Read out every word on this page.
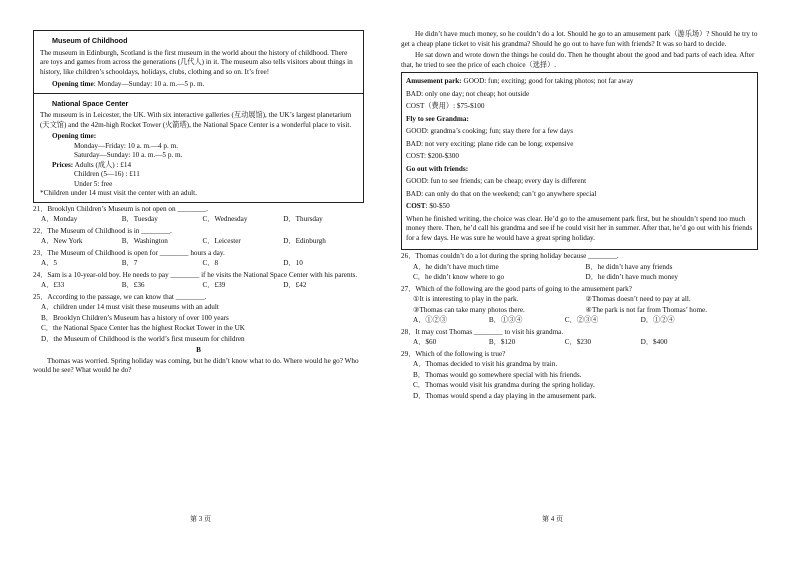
Museum of Childhood

The museum in Edinburgh, Scotland is the first museum in the world about the history of childhood. There are toys and games from across the generations (几代人) in it. The museum also tells visitors about things in history, like children’s schooldays, holidays, clubs, clothing and so on. It’s free!

Opening time: Monday—Sunday: 10 a. m.—5 p. m.

National Space Center

The museum is in Leicester, the UK. With six interactive galleries (互动展馆), the UK’s largest planetarium (天文馆) and the 42m-high Rocket Tower (火箭塔), the National Space Center is a wonderful place to visit.

Opening time:

Monday—Friday: 10 a. m.—4 p. m.

Saturday—Sunday: 10 a. m.—5 p. m.

Prices: Adults (成人) : £14

Children (5—16) : £11

Under 5: free

*Children under 14 must visit the center with an adult.

21．Brooklyn Children’s Museum is not open on ________.

A．Monday	B．Tuesday	C．Wednesday	D．Thursday

22．The Museum of Childhood is in ________.

A．New York	B．Washington	C．Leicester	D．Edinburgh

23．The Museum of Childhood is open for ________ hours a day.

A．5	B．7	C．8	D．10

24．Sam is a 10-year-old boy. He needs to pay ________ if he visits the National Space Center with his parents.

A．£33	B．£36	C．£39	D．£42

25．According to the passage, we can know that ________.

A．children under 14 must visit these museums with an adult

B．Brooklyn Children’s Museum has a history of over 100 years

C．the National Space Center has the highest Rocket Tower in the UK

D．the Museum of Childhood is the world’s first museum for children

B

Thomas was worried. Spring holiday was coming, but he didn’t know what to do. Where would he go? Who would he see? What would he do?

He didn’t have much money, so he couldn’t do a lot. Should he go to an amusement park（游乐场）? Should he try to get a cheap plane ticket to visit his grandma? Should he go out to have fun with friends? It was so hard to decide.

He sat down and wrote down the things he could do. Then he thought about the good and bad parts of each idea. After that, he tried to see the price of each choice（选择）.

Amusement park: GOOD: fun; exciting; good for taking photos; not far away

BAD: only one day; not cheap; hot outside

COST（费用）: $75-$100

Fly to see Grandma:

GOOD: grandma’s cooking; fun; stay there for a few days

BAD: not very exciting; plane ride can be long; expensive

COST: $200-$300

Go out with friends:

GOOD: fun to see friends; can be cheap; every day is different

BAD: can only do that on the weekend; can’t go anywhere special

COST: $0-$50

When he finished writing, the choice was clear. He’d go to the amusement park first, but he shouldn’t spend too much money there. Then, he’d call his grandma and see if he could visit her in summer. After that, he’d go out with his friends for a few days. He was sure he would have a great spring holiday.

26．Thomas couldn’t do a lot during the spring holiday because ________.

A．he didn’t have much time	B．he didn’t have any friends
C．he didn’t know where to go	D．he didn’t have much money

27．Which of the following are the good parts of going to the amusement park?

①It is interesting to play in the park.	②Thomas doesn’t need to pay at all.
③Thomas can take many photos there.	④The park is not far from Thomas’ home.
A．①②③	B．①③④	C．②③④	D．①②④

28．It may cost Thomas ________ to visit his grandma.

A．$60	B．$120	C．$230	D．$400

29．Which of the following is true?

A．Thomas decided to visit his grandma by train.

B．Thomas would go somewhere special with his friends.

C．Thomas would visit his grandma during the spring holiday.

D．Thomas would spend a day playing in the amusement park.

第 3 页	第 4 页
